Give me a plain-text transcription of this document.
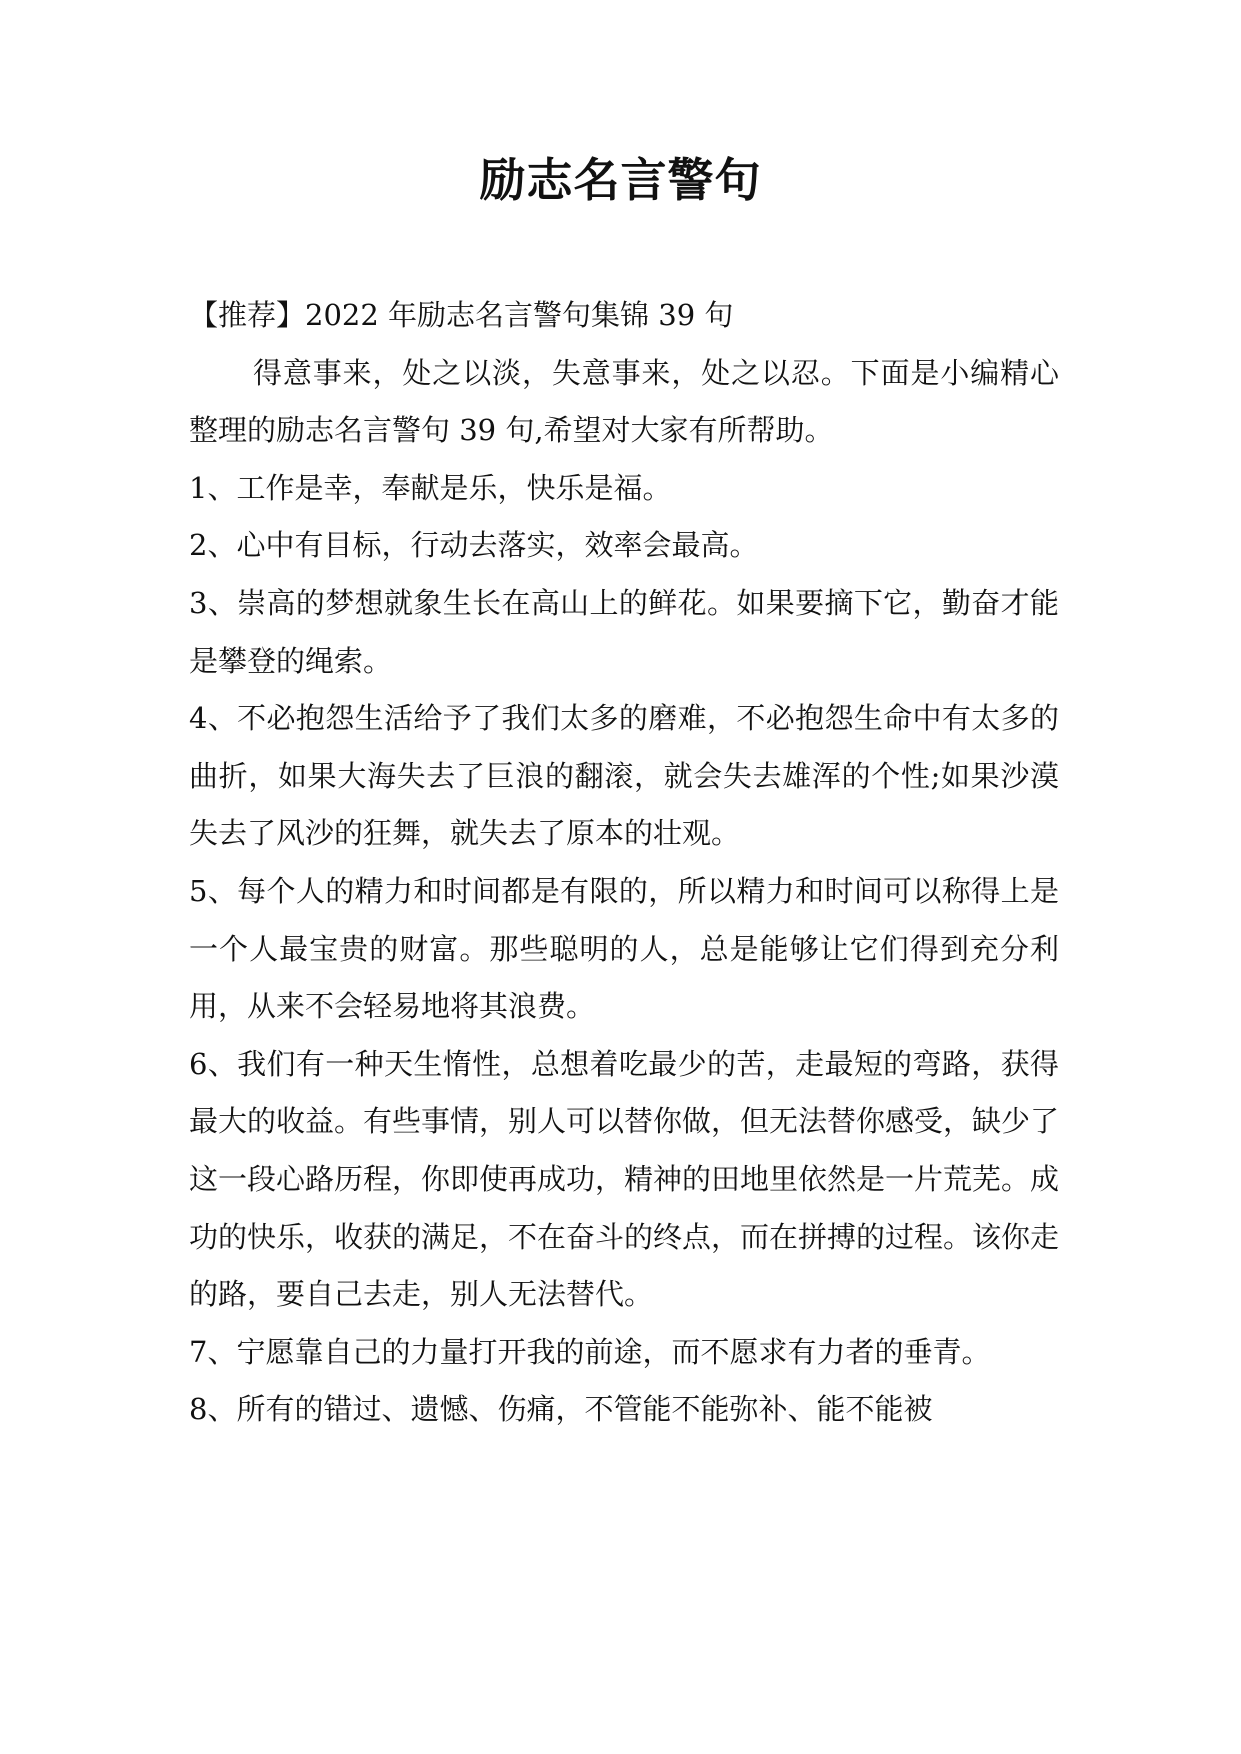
励志名言警句

【推荐】2022 年励志名言警句集锦 39 句

得意事来，处之以淡，失意事来，处之以忍。下面是小编精心整理的励志名言警句 39 句,希望对大家有所帮助。

1、工作是幸，奉献是乐，快乐是福。

2、心中有目标，行动去落实，效率会最高。

3、崇高的梦想就象生长在高山上的鲜花。如果要摘下它，勤奋才能是攀登的绳索。

4、不必抱怨生活给予了我们太多的磨难，不必抱怨生命中有太多的曲折，如果大海失去了巨浪的翻滚，就会失去雄浑的个性;如果沙漠失去了风沙的狂舞，就失去了原本的壮观。

5、每个人的精力和时间都是有限的，所以精力和时间可以称得上是一个人最宝贵的财富。那些聪明的人，总是能够让它们得到充分利用，从来不会轻易地将其浪费。

6、我们有一种天生惰性，总想着吃最少的苦，走最短的弯路，获得最大的收益。有些事情，别人可以替你做，但无法替你感受，缺少了这一段心路历程，你即使再成功，精神的田地里依然是一片荒芜。成功的快乐，收获的满足，不在奋斗的终点，而在拼搏的过程。该你走的路，要自己去走，别人无法替代。

7、宁愿靠自己的力量打开我的前途，而不愿求有力者的垂青。

8、所有的错过、遗憾、伤痛，不管能不能弥补、能不能被
